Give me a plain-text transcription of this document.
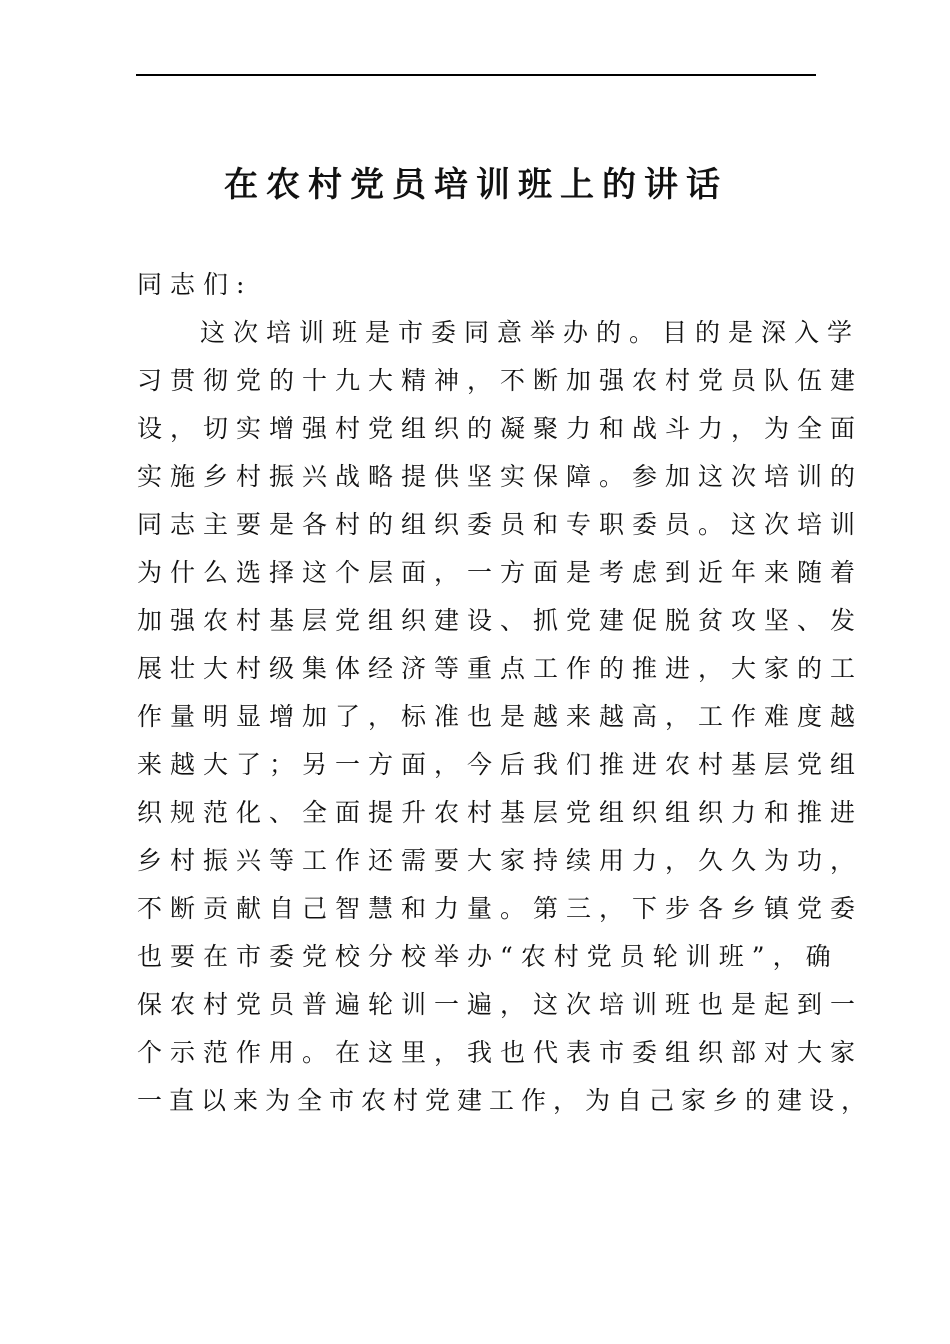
在农村党员培训班上的讲话
同志们:
这次培训班是市委同意举办的。目的是深入学
习贯彻党的十九大精神，不断加强农村党员队伍建
设，切实增强村党组织的凝聚力和战斗力，为全面
实施乡村振兴战略提供坚实保障。参加这次培训的
同志主要是各村的组织委员和专职委员。这次培训
为什么选择这个层面，一方面是考虑到近年来随着
加强农村基层党组织建设、抓党建促脱贫攻坚、发
展壮大村级集体经济等重点工作的推进，大家的工
作量明显增加了，标准也是越来越高，工作难度越
来越大了；另一方面，今后我们推进农村基层党组
织规范化、全面提升农村基层党组织组织力和推进
乡村振兴等工作还需要大家持续用力，久久为功，
不断贡献自己智慧和力量。第三，下步各乡镇党委
也要在市委党校分校举办“农村党员轮训班”，确
保农村党员普遍轮训一遍，这次培训班也是起到一
个示范作用。在这里，我也代表市委组织部对大家
一直以来为全市农村党建工作，为自己家乡的建设，
